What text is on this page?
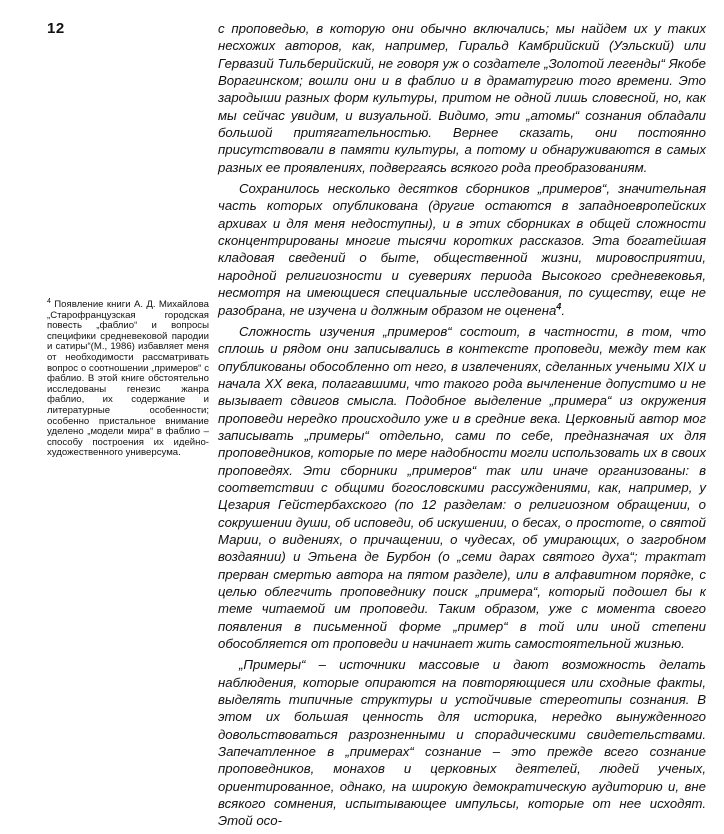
12

$^4$ Появление книги А. Д. Михайлова „Старофранцузская городская повесть „фаблио“ и вопросы специфики средневековой пародии и сатиры“(М., 1986) избавляет меня от необходимости рассматривать вопрос о соотношении „примеров“ с фаблио. В этой книге обстоятельно исследованы генезис жанра фаблио, их содержание и литературные особенности; особенно пристальное внимание уделено „модели мира“ в фаблио – способу построения их идейно-художественного универсума.

с проповедью, в которую они обычно включались; мы найдем их у таких несхожих авторов, как, например, Гиральд Камбрийский (Уэльский) или Гервазий Тильберийский, не говоря уж о создателе „Золотой легенды“ Якобе Ворагинском; вошли они и в фаблио и в драматургию того времени. Это зародыши разных форм культуры, притом не одной лишь словесной, но, как мы сейчас увидим, и визуальной. Видимо, эти „атомы“ сознания обладали большой притягательностью. Вернее сказать, они постоянно присутствовали в памяти культуры, а потому и обнаруживаются в самых разных ее проявлениях, подвергаясь всякого рода преобразованиям.

Сохранилось несколько десятков сборников „примеров“, значительная часть которых опубликована (другие остаются в западноевропейских архивах и для меня недоступны), и в этих сборниках в общей сложности сконцентрированы многие тысячи коротких рассказов. Эта богатейшая кладовая сведений о быте, общественной жизни, мировосприятии, народной религиозности и суевериях периода Высокого средневековья, несмотря на имеющиеся специальные исследования, по существу, еще не разобрана, не изучена и должным образом не оценена$^4$.

Сложность изучения „примеров“ состоит, в частности, в том, что сплошь и рядом они записывались в контексте проповеди, между тем как опубликованы обособленно от него, в извлечениях, сделанных учеными XIX и начала XX века, полагавшими, что такого рода вычленение допустимо и не вызывает сдвигов смысла. Подобное выделение „примера“ из окружения проповеди нередко происходило уже и в средние века. Церковный автор мог записывать „примеры“ отдельно, сами по себе, предназначая их для проповедников, которые по мере надобности могли использовать их в своих проповедях. Эти сборники „примеров“ так или иначе организованы: в соответствии с общими богословскими рассуждениями, как, например, у Цезария Гейстербахского (по 12 разделам: о религиозном обращении, о сокрушении души, об исповеди, об искушении, о бесах, о простоте, о святой Марии, о видениях, о причащении, о чудесах, об умирающих, о загробном воздаянии) и Этьена де Бурбон (о „семи дарах святого духа“; трактат прерван смертью автора на пятом разделе), или в алфавитном порядке, с целью облегчить проповеднику поиск „примера“, который подошел бы к теме читаемой им проповеди. Таким образом, уже с момента своего появления в письменной форме „пример“ в той или иной степени обособляется от проповеди и начинает жить самостоятельной жизнью.

„Примеры“ – источники массовые и дают возможность делать наблюдения, которые опираются на повторяющиеся или сходные факты, выделять типичные структуры и устойчивые стереотипы сознания. В этом их большая ценность для историка, нередко вынужденного довольствоваться разрозненными и спорадическими свидетельствами. Запечатленное в „примерах“ сознание – это прежде всего сознание проповедников, монахов и церковных деятелей, людей ученых, ориентированное, однако, на широкую демократическую аудиторию и, вне всякого сомнения, испытывающее импульсы, которые от нее исходят. Этой осо-
